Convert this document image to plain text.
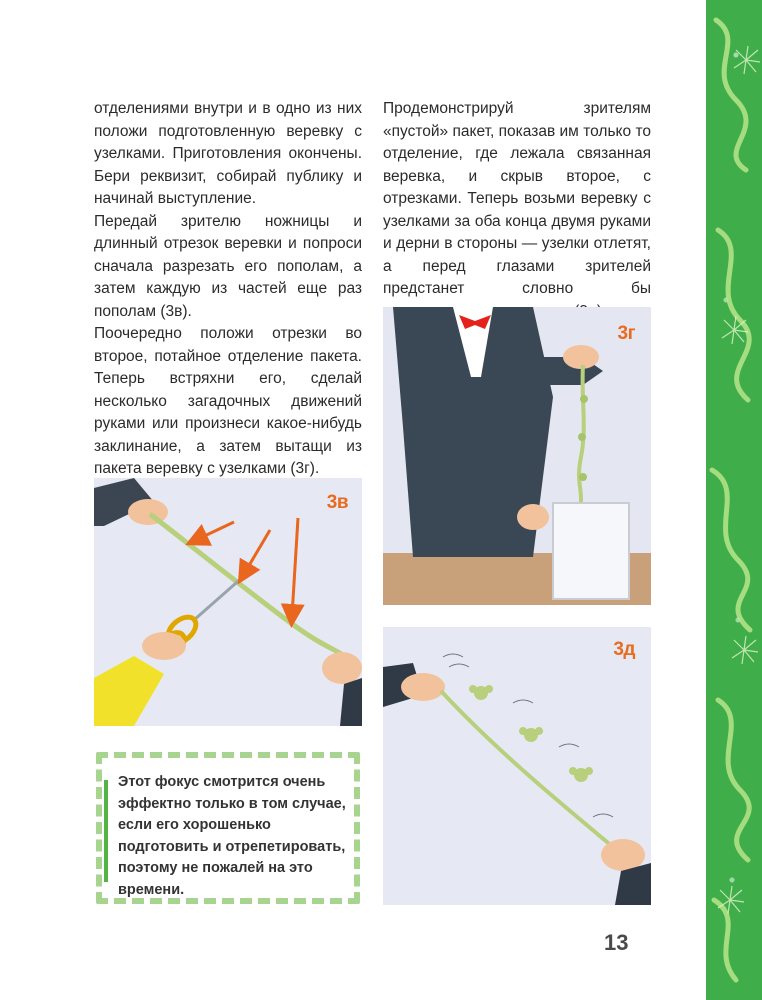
отделениями внутри и в одно из них положи подготовленную веревку с узелками. Приготовления окончены. Бери реквизит, собирай публику и начинай выступление.

Передай зрителю ножницы и длинный отрезок веревки и попроси сначала разрезать его пополам, а затем каждую из частей еще раз пополам (3в).

Поочередно положи отрезки во второе, потайное отделение пакета. Теперь встряхни его, сделай несколько загадочных движений руками или произнеси какое-нибудь заклинание, а затем вытащи из пакета веревку с узелками (3г).

Продемонстрируй зрителям «пустой» пакет, показав им только то отделение, где лежала связанная веревка, и скрыв второе, с отрезками. Теперь возьми веревку с узелками за оба конца двумя руками и дерни в стороны — узелки отлетят, а перед глазами зрителей предстанет словно бы

3в
3г
3д
Этот фокус смотрится очень эффектно только в том случае, если его хорошенько подготовить и отрепетировать, поэтому не пожалей на это времени.
13
